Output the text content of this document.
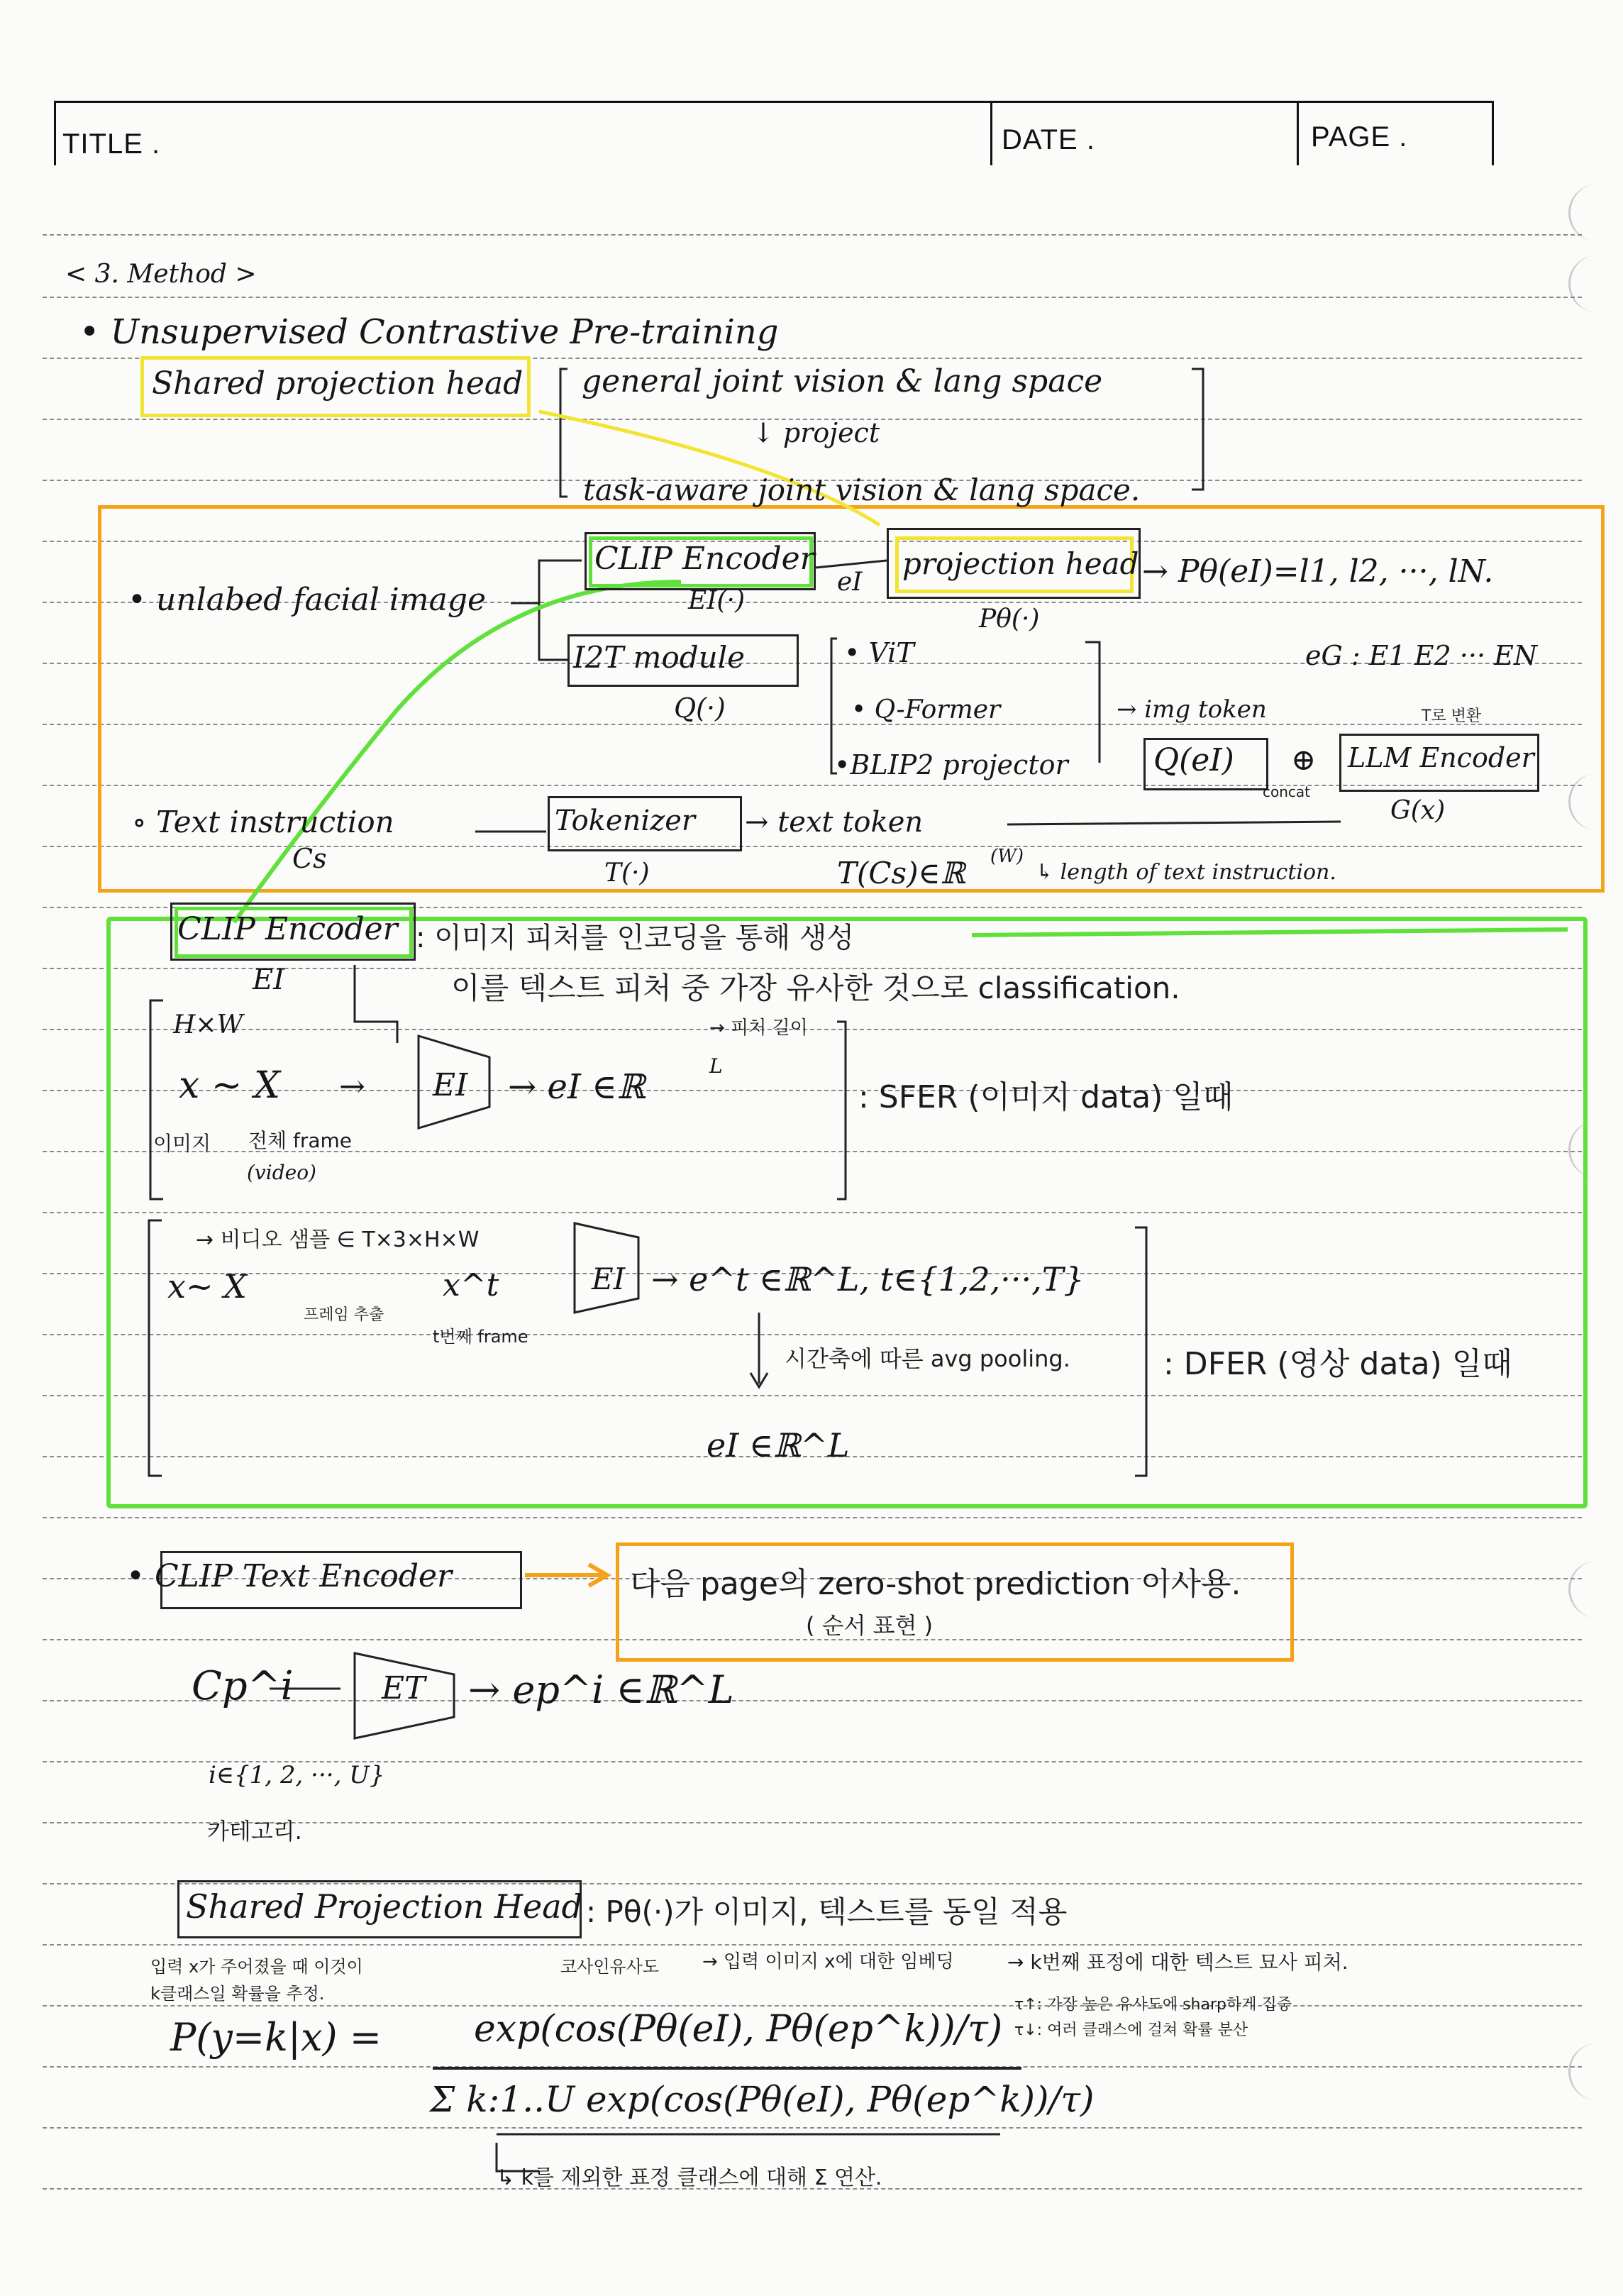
TITLE .	DATE .	PAGE .
< 3. Method >
• Unsupervised Contrastive Pre-training
Shared projection head general joint vision & lang space
↓ project
task-aware joint vision & lang space.
• unlabed facial image
CLIP Encoder
EI(·)
eI
projection head
Pθ(·)
→ Pθ(eI)=l1, l2, ···, lN.
eG : E1 E2 ··· EN
I2T module
Q(·)
• ViT
• Q-Former
•BLIP2 projector
→ img token
Q(eI) ⊕
concat
LLM Encoder
T로 변환
G(x)
∘ Text instruction
Cs
Tokenizer
T(·)
→ text token
T(Cs)∈ℝ (W)
↳ length of text instruction.
CLIP Encoder : 이미지 피처를 인코딩을 통해 생성
EI	이를 텍스트 피처 중 가장 유사한 것으로 classification.
H×W
x ~ X → EI → eI ∈ℝ
L
→ 피처 길이
이미지 전체 frame
(video)
: SFER (이미지 data) 일때
→ 비디오 샘플 ∈ T×3×H×W
x~ X
프레임 추출
x^t
t번째 frame
EI → e^t ∈ℝ^L, t∈{1,2,···,T}
시간축에 따른 avg pooling.	: DFER (영상 data) 일때
eI ∈ℝ^L
• CLIP Text Encoder	다음 page의 zero-shot prediction 이사용.
( 순서 표현 )
Cp^i	ET → ep^i ∈ℝ^L
i∈{1, 2, ···, U}
카테고리.
Shared Projection Head : Pθ(·)가 이미지, 텍스트를 동일 적용
입력 x가 주어졌을 때 이것이
k클래스일 확률을 추정.
코사인유사도 → 입력 이미지 x에 대한 임베딩	→ k번째 표정에 대한 텍스트 묘사 피처.
τ↑: 가장 높은 유사도에 sharp하게 집중
τ↓: 여러 클래스에 걸쳐 확률 분산
P(y=k|x) = exp(cos(Pθ(eI), Pθ(ep^k))/τ)
Σ k:1..U exp(cos(Pθ(eI), Pθ(ep^k))/τ)
↳ k를 제외한 표정 클래스에 대해 Σ 연산.
